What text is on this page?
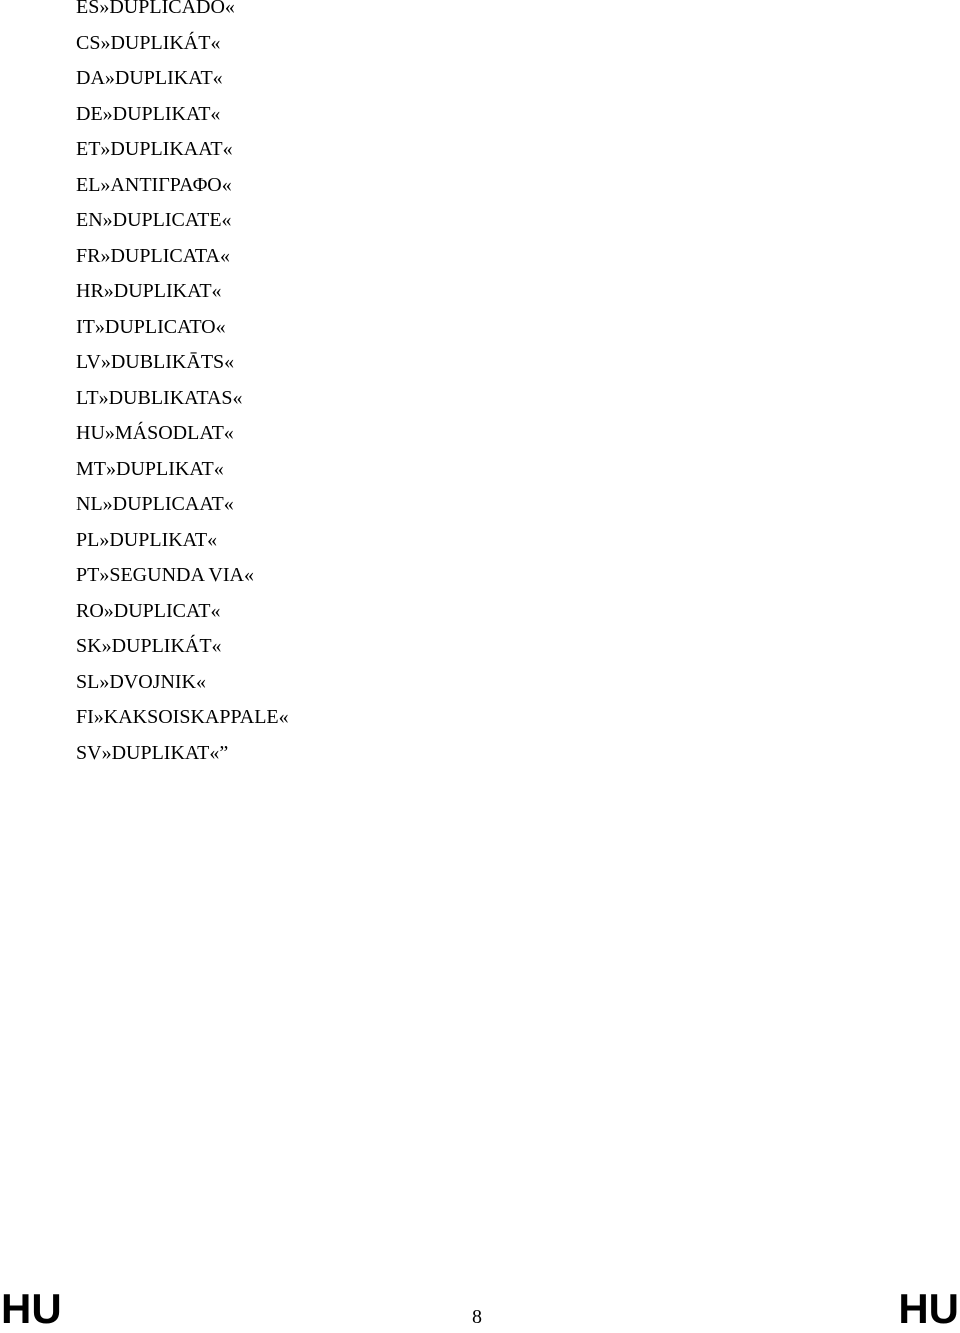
ES»DUPLICADO«
CS»DUPLIKÁT«
DA»DUPLIKAT«
DE»DUPLIKAT«
ET»DUPLIKAAT«
EL»ΑΝΤΙΓΡΑΦΟ«
EN»DUPLICATE«
FR»DUPLICATA«
HR»DUPLIKAT«
IT»DUPLICATO«
LV»DUBLIKĀTS«
LT»DUBLIKATAS«
HU»MÁSODLAT«
MT»DUPLIKAT«
NL»DUPLICAAT«
PL»DUPLIKAT«
PT»SEGUNDA VIA«
RO»DUPLICAT«
SK»DUPLIKÁT«
SL»DVOJNIK«
FI»KAKSOISKAPPALE«
SV»DUPLIKAT«”
HU	8	HU
